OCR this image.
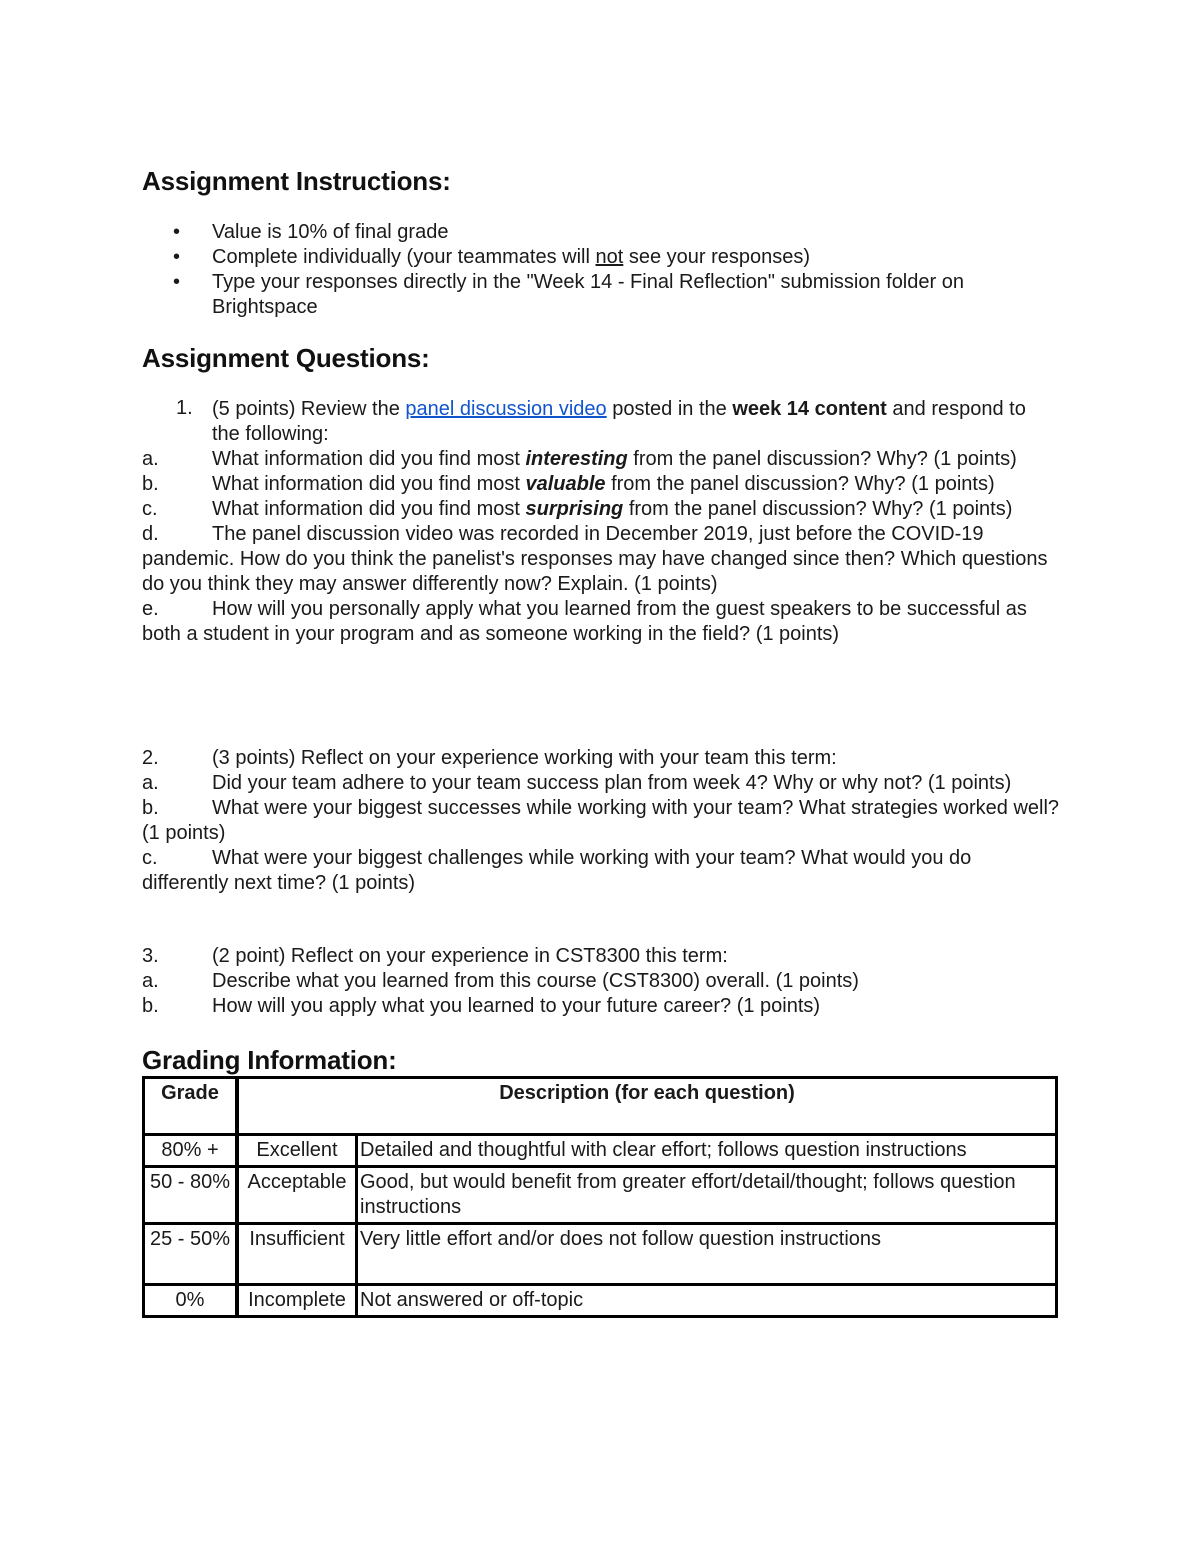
Assignment Instructions:
• Value is 10% of final grade
• Complete individually (your teammates will not see your responses)
• Type your responses directly in the "Week 14 - Final Reflection" submission folder on Brightspace
Assignment Questions:
1. (5 points) Review the panel discussion video posted in the week 14 content and respond to the following:
a.	What information did you find most interesting from the panel discussion? Why? (1 points)
b.	What information did you find most valuable from the panel discussion? Why? (1 points)
c.	What information did you find most surprising from the panel discussion? Why? (1 points)
d.	The panel discussion video was recorded in December 2019, just before the COVID-19 pandemic. How do you think the panelist's responses may have changed since then? Which questions do you think they may answer differently now? Explain. (1 points)
e.	How will you personally apply what you learned from the guest speakers to be successful as both a student in your program and as someone working in the field? (1 points)
2.	(3 points) Reflect on your experience working with your team this term:
a.	Did your team adhere to your team success plan from week 4? Why or why not? (1 points)
b.	What were your biggest successes while working with your team? What strategies worked well? (1 points)
c.	What were your biggest challenges while working with your team? What would you do differently next time? (1 points)
3.	(2 point) Reflect on your experience in CST8300 this term:
a.	Describe what you learned from this course (CST8300) overall. (1 points)
b.	How will you apply what you learned to your future career? (1 points)
Grading Information:
Grade	Description (for each question)	
80% +	Excellent	Detailed and thoughtful with clear effort; follows question instructions
50 - 80%	Acceptable	Good, but would benefit from greater effort/detail/thought; follows question instructions
25 - 50%	Insufficient	Very little effort and/or does not follow question instructions
0%	Incomplete	Not answered or off-topic
